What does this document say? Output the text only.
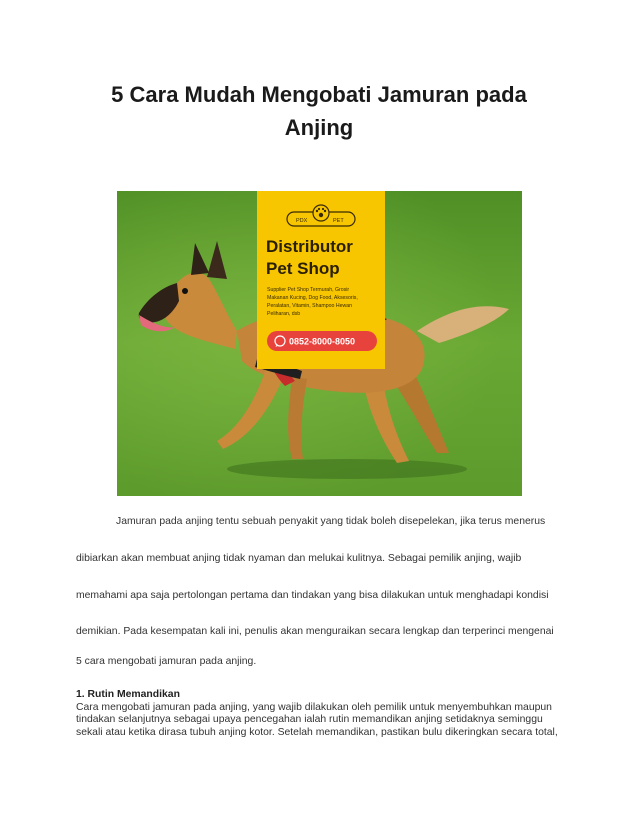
5 Cara Mudah Mengobati Jamuran pada
Anjing
PDX	PET
Distributor
Pet Shop
Supplier Pet Shop Termurah, Grosir
Makanan Kucing, Dog Food, Aksesoris,
Peralatan, Vitamin, Shampoo Hewan
Peliharan, dsb
0852-8000-8050
Jamuran pada anjing tentu sebuah penyakit yang tidak boleh disepelekan, jika terus menerus
dibiarkan akan membuat anjing tidak nyaman dan melukai kulitnya. Sebagai pemilik anjing, wajib
memahami apa saja pertolongan pertama dan tindakan yang bisa dilakukan untuk menghadapi kondisi
demikian. Pada kesempatan kali ini, penulis akan menguraikan secara lengkap dan terperinci mengenai
5 cara mengobati jamuran pada anjing.
1. Rutin Memandikan
Cara mengobati jamuran pada anjing, yang wajib dilakukan oleh pemilik untuk menyembuhkan maupun
tindakan selanjutnya sebagai upaya pencegahan ialah rutin memandikan anjing setidaknya seminggu
sekali atau ketika dirasa tubuh anjing kotor. Setelah memandikan, pastikan bulu dikeringkan secara total,
